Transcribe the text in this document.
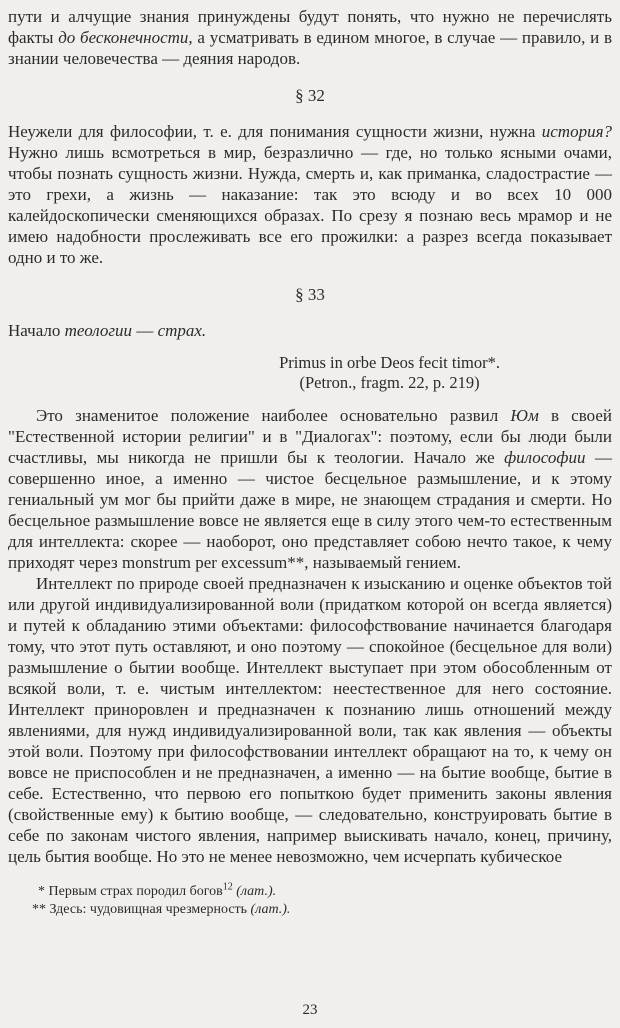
пути и алчущие знания принуждены будут понять, что нужно не перечислять факты до бесконечности, а усматривать в едином многое, в случае — правило, и в знании человечества — деяния народов.

§ 32

Неужели для философии, т. е. для понимания сущности жизни, нужна история? Нужно лишь всмотреться в мир, безразлично — где, но только ясными очами, чтобы познать сущность жизни. Нужда, смерть и, как приманка, сладострастие — это грехи, а жизнь — наказание: так это всюду и во всех 10 000 калейдоскопически сменяющихся образах. По срезу я познаю весь мрамор и не имею надобности прослеживать все его прожилки: а разрез всегда показывает одно и то же.

§ 33

Начало теологии — страх.

Primus in orbe Deos fecit timor*.
(Petron., fragm. 22, p. 219)

Это знаменитое положение наиболее основательно развил Юм в своей "Естественной истории религии" и в "Диалогах": поэтому, если бы люди были счастливы, мы никогда не пришли бы к теологии. Начало же философии — совершенно иное, а именно — чистое бесцельное размышление, и к этому гениальный ум мог бы прийти даже в мире, не знающем страдания и смерти. Но бесцельное размышление вовсе не является еще в силу этого чем-то естественным для интеллекта: скорее — наоборот, оно представляет собою нечто такое, к чему приходят через monstrum per excessum**, называемый гением.

Интеллект по природе своей предназначен к изысканию и оценке объектов той или другой индивидуализированной воли (придатком которой он всегда является) и путей к обладанию этими объектами: философствование начинается благодаря тому, что этот путь оставляют, и оно поэтому — спокойное (бесцельное для воли) размышление о бытии вообще. Интеллект выступает при этом обособленным от всякой воли, т. е. чистым интеллектом: неестественное для него состояние. Интеллект приноровлен и предназначен к познанию лишь отношений между явлениями, для нужд индивидуализированной воли, так как явления — объекты этой воли. Поэтому при философствовании интеллект обращают на то, к чему он вовсе не приспособлен и не предназначен, а именно — на бытие вообще, бытие в себе. Естественно, что первою его попыткою будет применить законы явления (свойственные ему) к бытию вообще, — следовательно, конструировать бытие в себе по законам чистого явления, например выискивать начало, конец, причину, цель бытия вообще. Но это не менее невозможно, чем исчерпать кубическое

* Первым страх породил богов$^{12}$ (лат.).

** Здесь: чудовищная чрезмерность (лат.).

23
